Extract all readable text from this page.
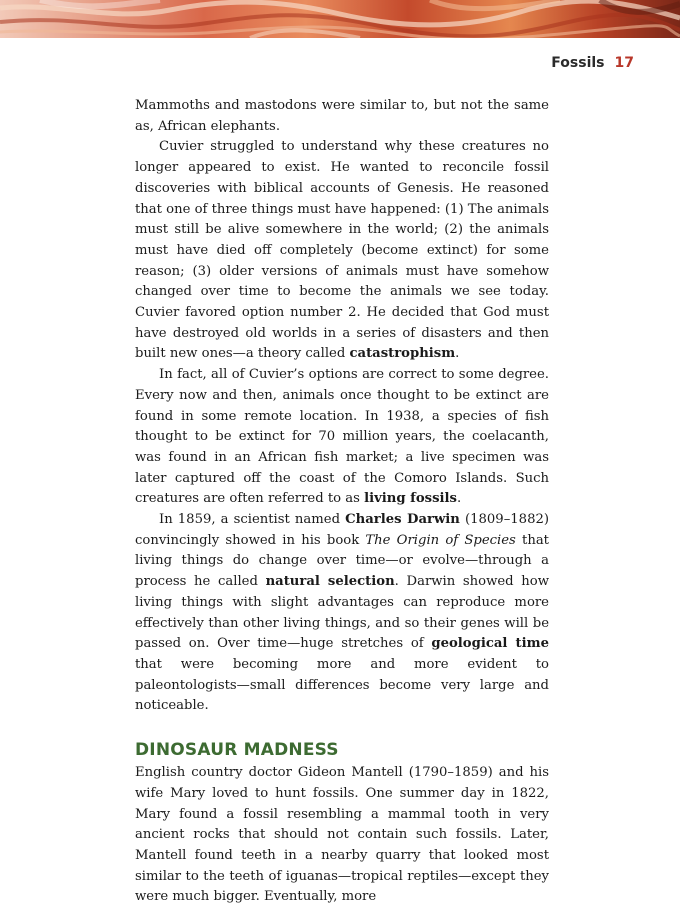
Fossils 17

Mammoths and mastodons were similar to, but not the same as, African elephants.

Cuvier struggled to understand why these creatures no longer appeared to exist. He wanted to reconcile fossil discoveries with biblical accounts of Genesis. He reasoned that one of three things must have happened: (1) The animals must still be alive somewhere in the world; (2) the animals must have died off completely (become extinct) for some reason; (3) older versions of animals must have somehow changed over time to become the animals we see today. Cuvier favored option number 2. He decided that God must have destroyed old worlds in a series of disasters and then built new ones—a theory called catastrophism.

In fact, all of Cuvier’s options are correct to some degree. Every now and then, animals once thought to be extinct are found in some remote location. In 1938, a species of fish thought to be extinct for 70 million years, the coelacanth, was found in an African fish market; a live specimen was later captured off the coast of the Comoro Islands. Such creatures are often referred to as living fossils.

In 1859, a scientist named Charles Darwin (1809–1882) convincingly showed in his book The Origin of Species that living things do change over time—or evolve—through a process he called natural selection. Darwin showed how living things with slight advantages can reproduce more effectively than other living things, and so their genes will be passed on. Over time—huge stretches of geological time that were becoming more and more evident to paleontologists—small differences become very large and noticeable.

DINOSAUR MADNESS

English country doctor Gideon Mantell (1790–1859) and his wife Mary loved to hunt fossils. One summer day in 1822, Mary found a fossil resembling a mammal tooth in very ancient rocks that should not contain such fossils. Later, Mantell found teeth in a nearby quarry that looked most similar to the teeth of iguanas—tropical reptiles—except they were much bigger. Eventually, more
